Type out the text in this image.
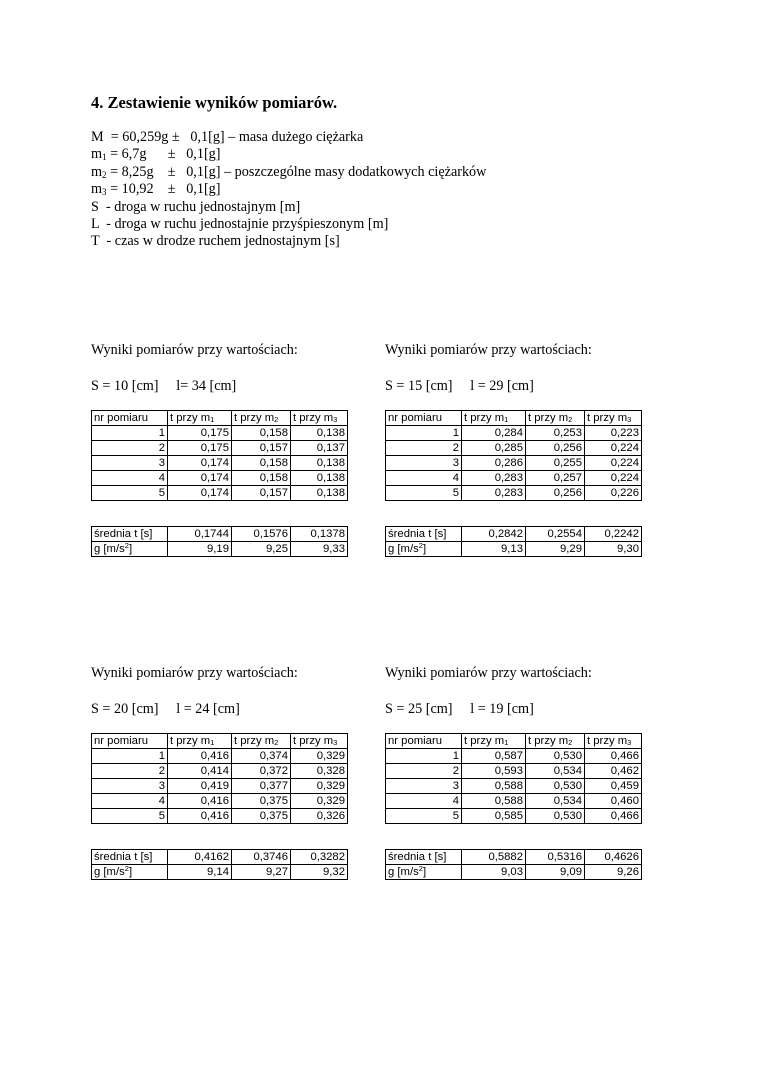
4. Zestawienie wyników pomiarów.
M = 60,259g ± 0,1[g] – masa dużego ciężarka
$m_1 = 6,7g \pm 0,1[g]$
$m_2 = 8,25g \pm 0,1[g]$ – poszczególne masy dodatkowych ciężarków
$m_3 = 10,92 \pm 0,1[g]$
S  - droga w ruchu jednostajnym [m]
L  - droga w ruchu jednostajnie przyśpieszonym [m]
T  - czas w drodze ruchem jednostajnym [s]
Wyniki pomiarów przy wartościach:
S = 10 [cm] l= 34 [cm]
nr pomiaru	t przy $m_1$	t przy $m_2$	t przy $m_3$
1	0,175	0,158	0,138
2	0,175	0,157	0,137
3	0,174	0,158	0,138
4	0,174	0,158	0,138
5	0,174	0,157	0,138
średnia t [s]	0,1744	0,1576	0,1378
g $[m/s^2]$	9,19	9,25	9,33
Wyniki pomiarów przy wartościach:
S = 15 [cm] l = 29 [cm]
nr pomiaru	t przy $m_1$	t przy $m_2$	t przy $m_3$
1	0,284	0,253	0,223
2	0,285	0,256	0,224
3	0,286	0,255	0,224
4	0,283	0,257	0,224
5	0,283	0,256	0,226
średnia t [s]	0,2842	0,2554	0,2242
g $[m/s^2]$	9,13	9,29	9,30
Wyniki pomiarów przy wartościach:
S = 20 [cm] l = 24 [cm]
nr pomiaru	t przy $m_1$	t przy $m_2$	t przy $m_3$
1	0,416	0,374	0,329
2	0,414	0,372	0,328
3	0,419	0,377	0,329
4	0,416	0,375	0,329
5	0,416	0,375	0,326
średnia t [s]	0,4162	0,3746	0,3282
g $[m/s^2]$	9,14	9,27	9,32
Wyniki pomiarów przy wartościach:
S = 25 [cm] l = 19 [cm]
nr pomiaru	t przy $m_1$	t przy $m_2$	t przy $m_3$
1	0,587	0,530	0,466
2	0,593	0,534	0,462
3	0,588	0,530	0,459
4	0,588	0,534	0,460
5	0,585	0,530	0,466
średnia t [s]	0,5882	0,5316	0,4626
g $[m/s^2]$	9,03	9,09	9,26
